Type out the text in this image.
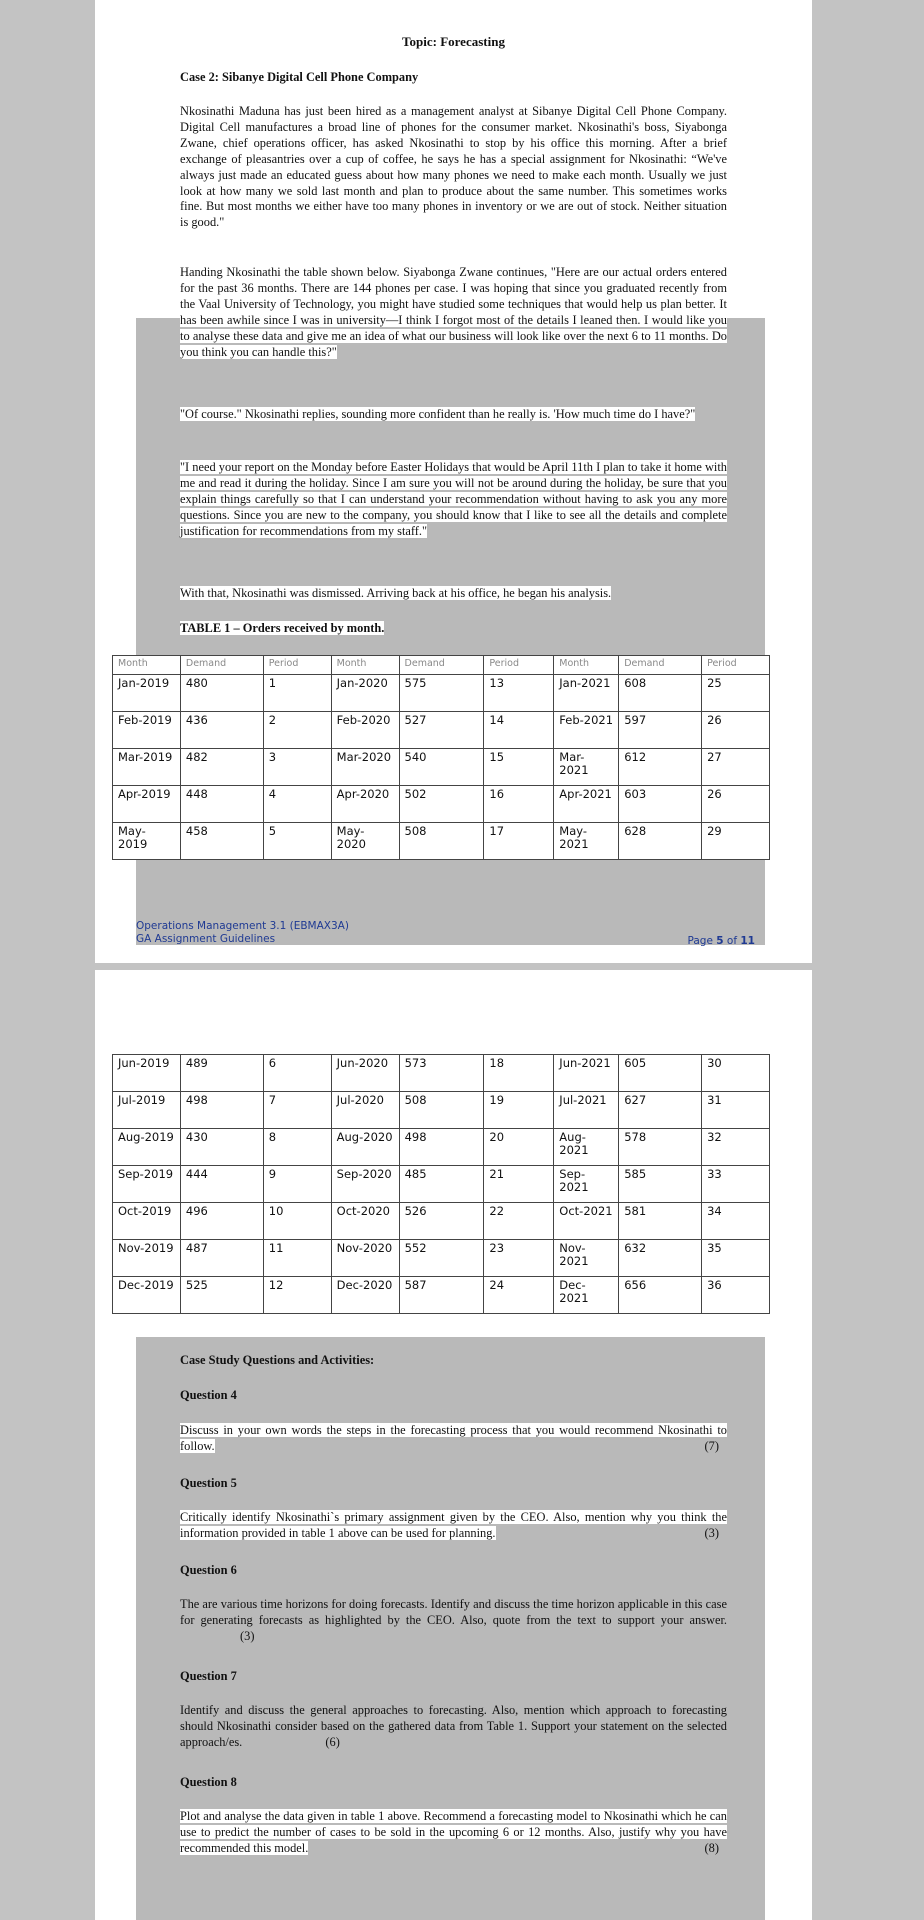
Topic: Forecasting
Case 2: Sibanye Digital Cell Phone Company
Nkosinathi Maduna has just been hired as a management analyst at Sibanye Digital Cell Phone Company. Digital Cell manufactures a broad line of phones for the consumer market. Nkosinathi's boss, Siyabonga Zwane, chief operations officer, has asked Nkosinathi to stop by his office this morning. After a brief exchange of pleasantries over a cup of coffee, he says he has a special assignment for Nkosinathi: “We've always just made an educated guess about how many phones we need to make each month. Usually we just look at how many we sold last month and plan to produce about the same number. This sometimes works fine. But most months we either have too many phones in inventory or we are out of stock. Neither situation is good."
Handing Nkosinathi the table shown below. Siyabonga Zwane continues, "Here are our actual orders entered for the past 36 months. There are 144 phones per case. I was hoping that since you graduated recently from the Vaal University of Technology, you might have studied some techniques that would help us plan better. It has been awhile since I was in university—I think I forgot most of the details I leaned then. I would like you to analyse these data and give me an idea of what our business will look like over the next 6 to 11 months. Do you think you can handle this?"
"Of course." Nkosinathi replies, sounding more confident than he really is. 'How much time do I have?"
"I need your report on the Monday before Easter Holidays that would be April 11th I plan to take it home with me and read it during the holiday. Since I am sure you will not be around during the holiday, be sure that you explain things carefully so that I can understand your recommendation without having to ask you any more questions. Since you are new to the company, you should know that I like to see all the details and complete justification for recommendations from my staff."
With that, Nkosinathi was dismissed. Arriving back at his office, he began his analysis.
TABLE 1 – Orders received by month.
Month	Demand	Period	Month	Demand	Period	Month	Demand	Period
Jan-2019	480	1	Jan-2020	575	13	Jan-2021	608	25
Feb-2019	436	2	Feb-2020	527	14	Feb-2021	597	26
Mar-2019	482	3	Mar-2020	540	15	Mar-2021	612	27
Apr-2019	448	4	Apr-2020	502	16	Apr-2021	603	26
May-2019	458	5	May-2020	508	17	May-2021	628	29
Operations Management 3.1 (EBMAX3A)
GA Assignment Guidelines	Page 5 of 11
Jun-2019	489	6	Jun-2020	573	18	Jun-2021	605	30
Jul-2019	498	7	Jul-2020	508	19	Jul-2021	627	31
Aug-2019	430	8	Aug-2020	498	20	Aug-2021	578	32
Sep-2019	444	9	Sep-2020	485	21	Sep-2021	585	33
Oct-2019	496	10	Oct-2020	526	22	Oct-2021	581	34
Nov-2019	487	11	Nov-2020	552	23	Nov-2021	632	35
Dec-2019	525	12	Dec-2020	587	24	Dec-2021	656	36
Case Study Questions and Activities:
Question 4
Discuss in your own words the steps in the forecasting process that you would recommend Nkosinathi to follow.	(7)
Question 5
Critically identify Nkosinathi`s primary assignment given by the CEO. Also, mention why you think the information provided in table 1 above can be used for planning.	(3)
Question 6
The are various time horizons for doing forecasts. Identify and discuss the time horizon applicable in this case for generating forecasts as highlighted by the CEO. Also, quote from the text to support your answer. (3)
Question 7
Identify and discuss the general approaches to forecasting. Also, mention which approach to forecasting should Nkosinathi consider based on the gathered data from Table 1. Support your statement on the selected approach/es.	(6)
Question 8
Plot and analyse the data given in table 1 above. Recommend a forecasting model to Nkosinathi which he can use to predict the number of cases to be sold in the upcoming 6 or 12 months. Also, justify why you have recommended this model.	(8)
